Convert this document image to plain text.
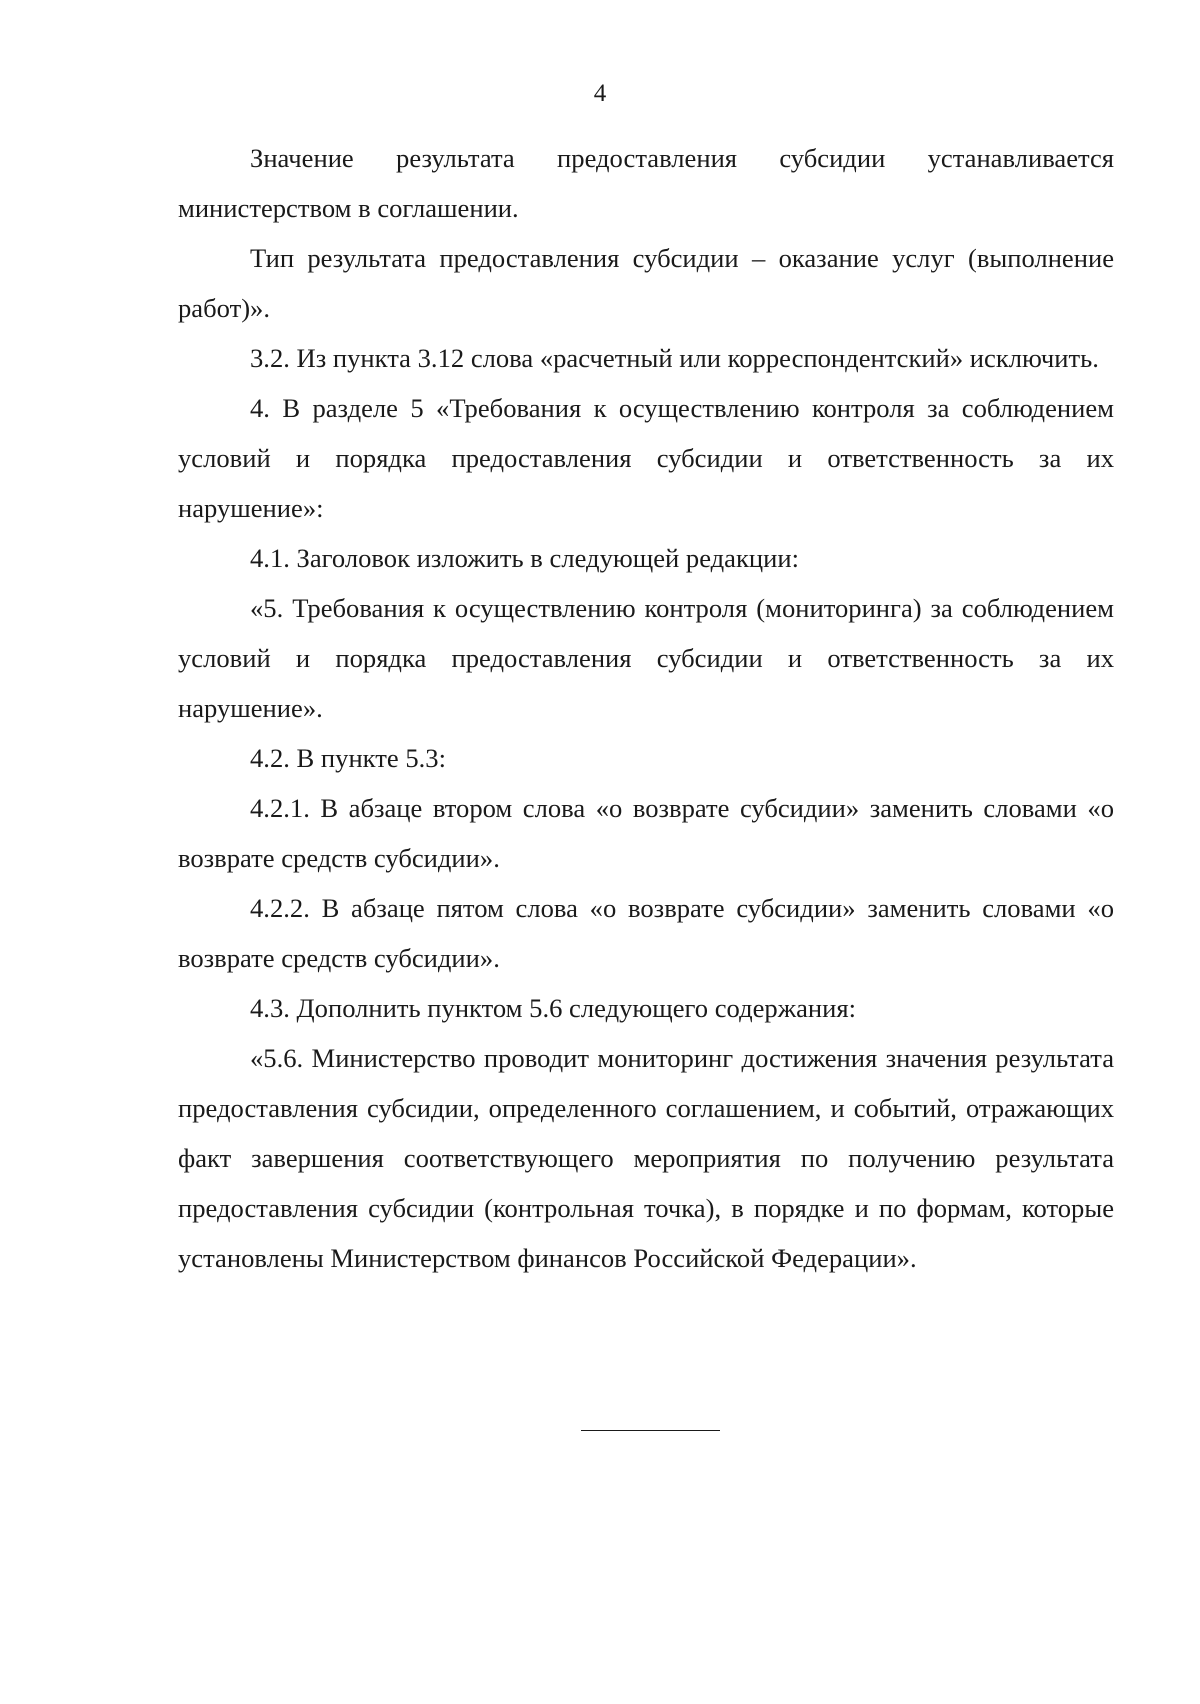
4

Значение результата предоставления субсидии устанавливается министерством в соглашении.

Тип результата предоставления субсидии – оказание услуг (выполнение работ)».

3.2. Из пункта 3.12 слова «расчетный или корреспондентский» исключить.

4. В разделе 5 «Требования к осуществлению контроля за соблюдением условий и порядка предоставления субсидии и ответственность за их нарушение»:

4.1. Заголовок изложить в следующей редакции:

«5. Требования к осуществлению контроля (мониторинга) за соблюдением условий и порядка предоставления субсидии и ответственность за их нарушение».

4.2. В пункте 5.3:

4.2.1. В абзаце втором слова «о возврате субсидии» заменить словами «о возврате средств субсидии».

4.2.2. В абзаце пятом слова «о возврате субсидии» заменить словами «о возврате средств субсидии».

4.3. Дополнить пунктом 5.6 следующего содержания:

«5.6. Министерство проводит мониторинг достижения значения результата предоставления субсидии, определенного соглашением, и событий, отражающих факт завершения соответствующего мероприятия по получению результата предоставления субсидии (контрольная точка), в порядке и по формам, которые установлены Министерством финансов Российской Федерации».
